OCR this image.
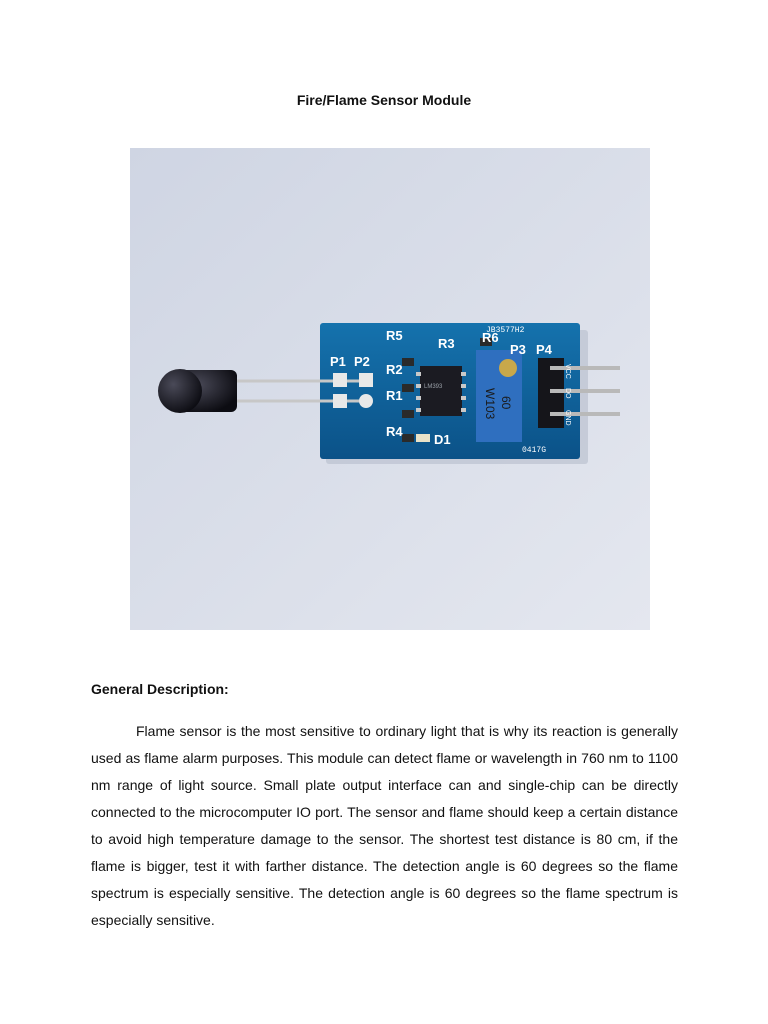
Fire/Flame Sensor Module
P1 P2
R5
R3
R2
R1
R4
D1
R6
P3 P4
JB3577H2
0417G
VCC
DO
GND
LM393
W103 60
General Description:

Flame sensor is the most sensitive to ordinary light that is why its reaction is generally used as flame alarm purposes. This module can detect flame or wavelength in 760 nm to 1100 nm range of light source. Small plate output interface can and single-chip can be directly connected to the microcomputer IO port. The sensor and flame should keep a certain distance to avoid high temperature damage to the sensor. The shortest test distance is 80 cm, if the flame is bigger, test it with farther distance. The detection angle is 60 degrees so the flame spectrum is especially sensitive. The detection angle is 60 degrees so the flame spectrum is especially sensitive.
